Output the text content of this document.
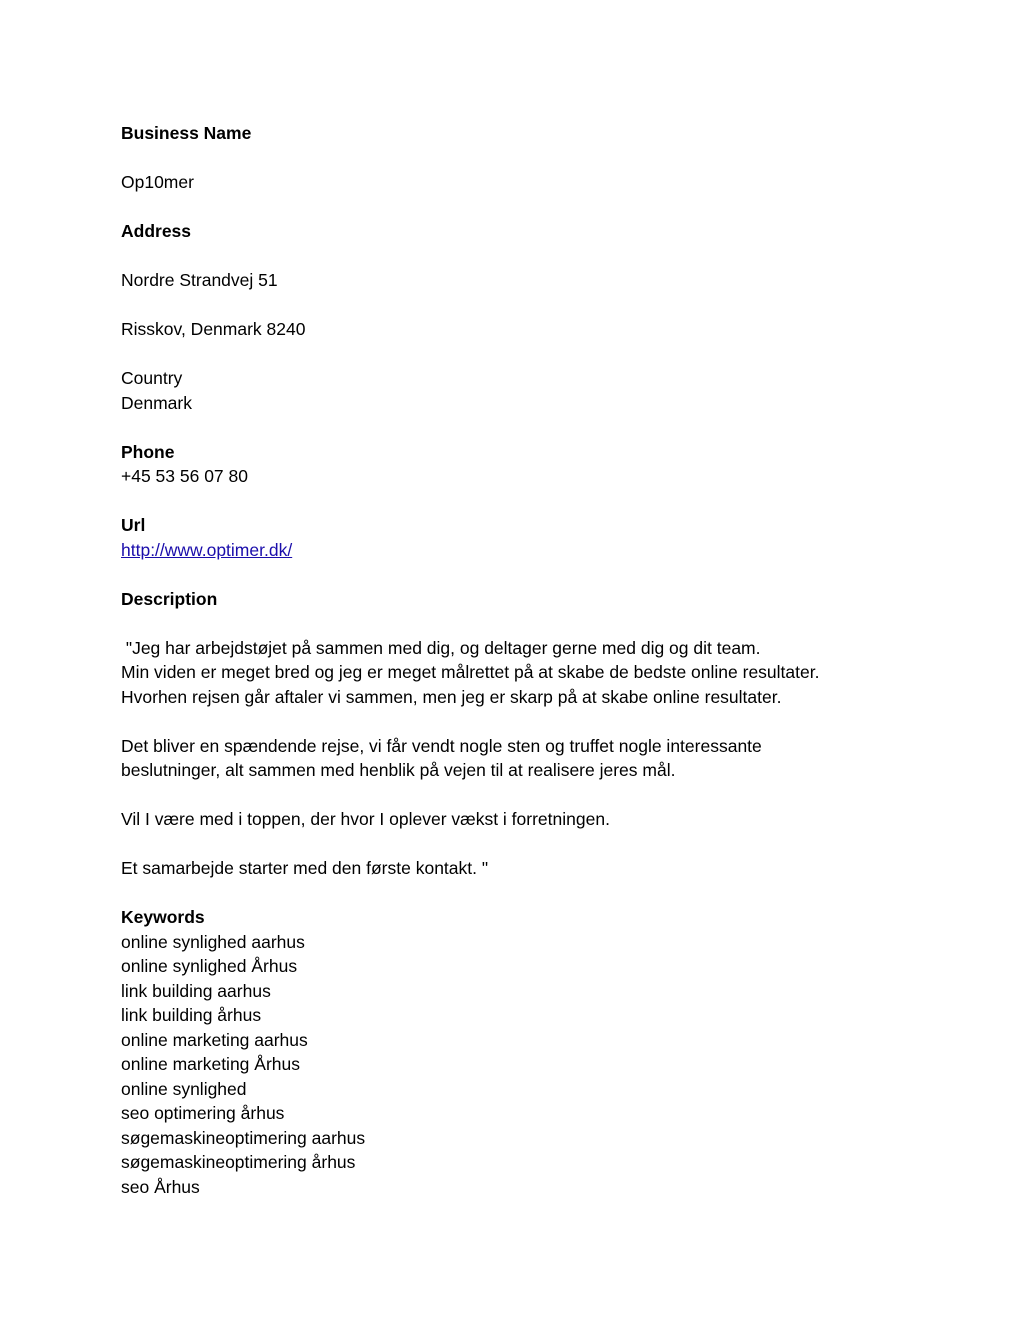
Business Name
Op10mer
Address
Nordre Strandvej 51
Risskov, Denmark 8240
Country
Denmark
Phone
+45 53 56 07 80
Url
http://www.optimer.dk/
Description
"Jeg har arbejdstøjet på sammen med dig, og deltager gerne med dig og dit team.
Min viden er meget bred og jeg er meget målrettet på at skabe de bedste online resultater.
Hvorhen rejsen går aftaler vi sammen, men jeg er skarp på at skabe online resultater.
Det bliver en spændende rejse, vi får vendt nogle sten og truffet nogle interessante
beslutninger, alt sammen med henblik på vejen til at realisere jeres mål.
Vil I være med i toppen, der hvor I oplever vækst i forretningen.
Et samarbejde starter med den første kontakt. "
Keywords
online synlighed aarhus
online synlighed Århus
link building aarhus
link building århus
online marketing aarhus
online marketing Århus
online synlighed
seo optimering århus
søgemaskineoptimering aarhus
søgemaskineoptimering århus
seo Århus
